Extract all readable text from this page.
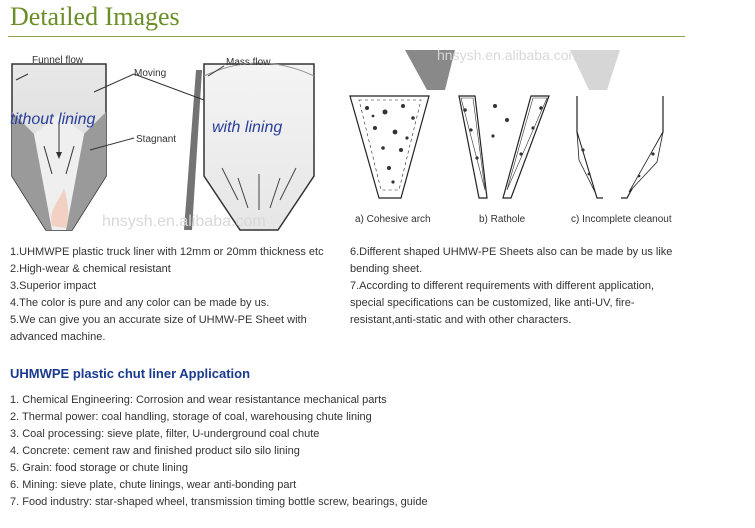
Detailed Images
Funnel flow
Moving
Mass flow
Stagnant
tithout lining	with lining
hnsysh.en.alibaba.com
hnsysh.en.alibaba.com
a) Cohesive arch	b) Rathole	c) Incomplete cleanout
1.UHMWPE plastic truck liner with 12mm or 20mm thickness etc
2.High-wear & chemical resistant
3.Superior impact
4.The color is pure and any color can be made by us.
5.We can give you an accurate size of UHMW-PE Sheet with
advanced machine.
6.Different shaped UHMW-PE Sheets also can be made by us like
bending sheet.
7.According to different requirements with different application,
special specifications can be customized, like anti-UV, fire-
resistant,anti-static and with other characters.
UHMWPE plastic chut liner Application
1. Chemical Engineering: Corrosion and wear resistantance mechanical parts
2. Thermal power: coal handling, storage of coal, warehousing chute lining
3. Coal processing: sieve plate, filter, U-underground coal chute
4. Concrete: cement raw and finished product silo silo lining
5. Grain: food storage or chute lining
6. Mining: sieve plate, chute linings, wear anti-bonding part
7. Food industry: star-shaped wheel, transmission timing bottle screw, bearings, guide
